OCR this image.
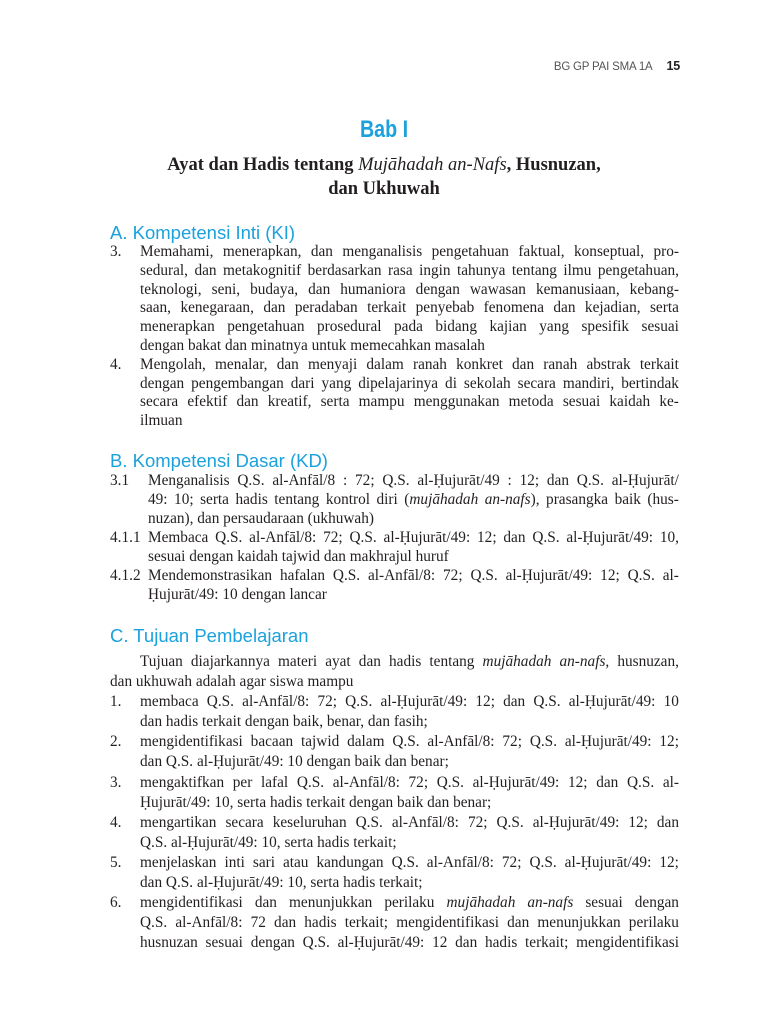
BG GP PAI SMA 1A 15
Bab I
Ayat dan Hadis tentang Mujāhadah an-Nafs, Husnuzan,
dan Ukhuwah
A. Kompetensi Inti (KI)
3. Memahami, menerapkan, dan menganalisis pengetahuan faktual, konseptual, pro-
sedural, dan metakognitif berdasarkan rasa ingin tahunya tentang ilmu pengetahuan,
teknologi, seni, budaya, dan humaniora dengan wawasan kemanusiaan, kebang-
saan, kenegaraan, dan peradaban terkait penyebab fenomena dan kejadian, serta
menerapkan pengetahuan prosedural pada bidang kajian yang spesifik sesuai
dengan bakat dan minatnya untuk memecahkan masalah
4. Mengolah, menalar, dan menyaji dalam ranah konkret dan ranah abstrak terkait
dengan pengembangan dari yang dipelajarinya di sekolah secara mandiri, bertindak
secara efektif dan kreatif, serta mampu menggunakan metoda sesuai kaidah ke-
ilmuan
B. Kompetensi Dasar (KD)
3.1 Menganalisis Q.S. al-Anfāl/8 : 72; Q.S. al-Ḥujurāt/49 : 12; dan Q.S. al-Ḥujurāt/
49: 10; serta hadis tentang kontrol diri (mujāhadah an-nafs), prasangka baik (hus-
nuzan), dan persaudaraan (ukhuwah)
4.1.1 Membaca Q.S. al-Anfāl/8: 72; Q.S. al-Ḥujurāt/49: 12; dan Q.S. al-Ḥujurāt/49: 10,
sesuai dengan kaidah tajwid dan makhrajul huruf
4.1.2 Mendemonstrasikan hafalan Q.S. al-Anfāl/8: 72; Q.S. al-Ḥujurāt/49: 12; Q.S. al-
Ḥujurāt/49: 10 dengan lancar
C. Tujuan Pembelajaran
Tujuan diajarkannya materi ayat dan hadis tentang mujāhadah an-nafs, husnuzan,
dan ukhuwah adalah agar siswa mampu
1. membaca Q.S. al-Anfāl/8: 72; Q.S. al-Ḥujurāt/49: 12; dan Q.S. al-Ḥujurāt/49: 10
dan hadis terkait dengan baik, benar, dan fasih;
2. mengidentifikasi bacaan tajwid dalam Q.S. al-Anfāl/8: 72; Q.S. al-Ḥujurāt/49: 12;
dan Q.S. al-Ḥujurāt/49: 10 dengan baik dan benar;
3. mengaktifkan per lafal Q.S. al-Anfāl/8: 72; Q.S. al-Ḥujurāt/49: 12; dan Q.S. al-
Ḥujurāt/49: 10, serta hadis terkait dengan baik dan benar;
4. mengartikan secara keseluruhan Q.S. al-Anfāl/8: 72; Q.S. al-Ḥujurāt/49: 12; dan
Q.S. al-Ḥujurāt/49: 10, serta hadis terkait;
5. menjelaskan inti sari atau kandungan Q.S. al-Anfāl/8: 72; Q.S. al-Ḥujurāt/49: 12;
dan Q.S. al-Ḥujurāt/49: 10, serta hadis terkait;
6. mengidentifikasi dan menunjukkan perilaku mujāhadah an-nafs sesuai dengan
Q.S. al-Anfāl/8: 72 dan hadis terkait; mengidentifikasi dan menunjukkan perilaku
husnuzan sesuai dengan Q.S. al-Ḥujurāt/49: 12 dan hadis terkait; mengidentifikasi
